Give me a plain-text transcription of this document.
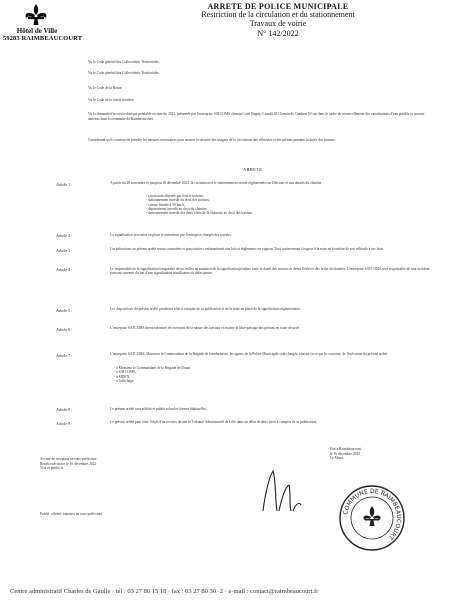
Hôtel de Ville
59283 RAIMBEAUCOURT
ARRETE DE POLICE MUNICIPALE
Restriction de la circulation et du stationnement
Travaux de voirie
N° 142/2022
Vu le Code général des Collectivités Territoriales,
Vu le Code général des Collectivités Territoriales,
Vu le Code de la Route,
Vu le Code de la voirie routière,
Vu la demande d'accord technique préalable en date du 2022, présentée par l'entreprise SATCOMS chemin Cotel Bugny, Lieudit 38 Chemin de Cambrai 59 rue dans le cadre du renouvellement des canalisations d'eau potable et travaux annexes dans la commune de Raimbeaucourt.
Considérant qu'il convient de prendre les mesures nécessaires pour assurer la sécurité des usagers de la circulation des véhicules et des piétons pendant la durée des travaux.
ARRETE
Article 1 :	A partir du 28 novembre et jusqu'au 16 décembre 2022, la circulation et le stationnement seront réglementés rue Delcourt et aux abords du chantier :
- circulation alternée par feux tricolores,
- stationnement interdit au droit des travaux,
- vitesse limitée à 30 km/h,
- dépassement interdit au droit du chantier,
- stationnement interdit des deux côtés de la chaussée au droit des travaux.
Article 2 :	La signalisation sera mise en place et entretenue par l'entreprise chargée des travaux.
Article 3 :	Les infractions au présent arrêté seront constatées et poursuivies conformément aux lois et règlements en vigueur. Tout contrevenant s'expose à la mise en fourrière de son véhicule à ses frais.
Article 4 :	Le responsable de la signalisation temporaire devra veiller au maintien de la signalisation pendant toute la durée des travaux et devra l'enlever dès la fin du chantier. L'entreprise SATCOMS sera responsable de tout accident pouvant survenir du fait d'une signalisation insuffisante ou défectueuse.
Article 5 :	Les dispositions du présent arrêté prendront effet à compter de sa publication et de la mise en place de la signalisation réglementaire.
Article 6 :	L'entreprise SATCOMS devra informer les riverains de la nature des travaux et assurer le libre passage des piétons en toute sécurité.
Article 7 :	L'entreprise SATCOMS, Monsieur le Commandant de la Brigade de Gendarmerie, les agents de la Police Municipale sont chargés, chacun en ce qui le concerne, de l'exécution du présent arrêté.
- à Monsieur le Commandant de la Brigade de Douai,
- à SATCOMS,
- à SIDEN,
- à l'affichage.
Article 8 :	Le présent arrêté sera affiché et publié selon les formes habituelles.
Article 9 :	Le présent arrêté peut faire l'objet d'un recours devant le Tribunal Administratif de Lille dans un délai de deux mois à compter de sa publication.
Accusé de réception en sous-préfecture
Rendu exécutoire le 16 décembre 2022
Visé et publié le
Fait à Raimbeaucourt,
le 16 décembre 2022
Le Maire,
COMMUNE DE RAIMBEAUCOURT
Publié, affiché, transmis en sous-préfecture.
Centre administratif Charles de Gaulle · tél : 03 27 80 15 18 · fax : 03 27 80 30 ·2 · e-mail : contact@raimbeaucourt.fr
